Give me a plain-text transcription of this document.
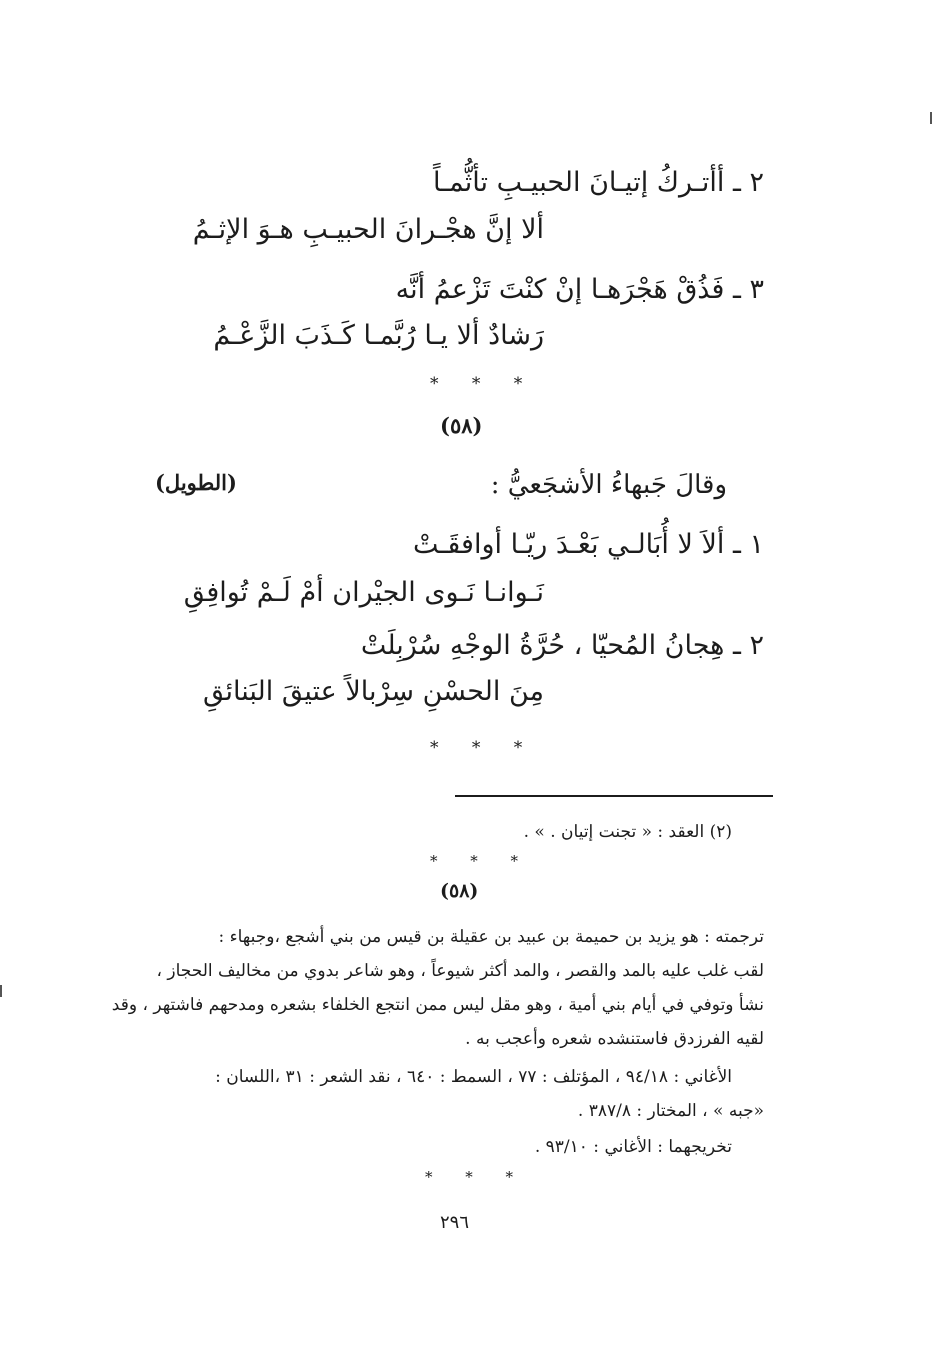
٢ ـ أأتـركُ إتيـانَ الحبيـبِ تأثُّمـاً
ألا إنَّ هجْـرانَ الحبيـبِ هـوَ الإثـمُ
٣ ـ فَذُقْ هَجْرَهـا إنْ كنْتَ تَزْعمُ أنَّه
رَشادٌ ألا يـا رُبَّمـا كَـذَبَ الزَّعْـمُ
* * *
(٥٨)
وقالَ جَبهاءُ الأشجَعيُّ :
(الطويل)
١ ـ ألاَ لا أُبَالـي بَعْـدَ ريّـا أوافقَـتْ
نَـوانـا نَـوى الجيْران أمْ لَـمْ تُوافِقِ
٢ ـ هِجانُ المُحيّا ، حُرَّةُ الوجْهِ سُرْبِلَتْ
مِنَ الحسْنِ سِرْبالاً عتيقَ البَنائقِ
* * *
(٢) العقد : « تجنت إتيان . » .
* * *
(٥٨)
ترجمته : هو يزيد بن حميمة بن عبيد بن عقيلة بن قيس من بني أشجع ،وجبهاء :
لقب غلب عليه بالمد والقصر ، والمد أكثر شيوعاً ، وهو شاعر بدوي من مخاليف الحجاز ،
نشأ وتوفي في أيام بني أمية ، وهو مقل ليس ممن انتجع الخلفاء بشعره ومدحهم فاشتهر ، وقد
لقيه الفرزدق فاستنشده شعره وأعجب به .
الأغاني : ٩٤/١٨ ، المؤتلف : ٧٧ ، السمط : ٦٤٠ ، نقد الشعر : ٣١ ،اللسان :
«جبه » ، المختار : ٣٨٧/٨ .
تخريجهما : الأغاني : ٩٣/١٠ .
* * *
٢٩٦
